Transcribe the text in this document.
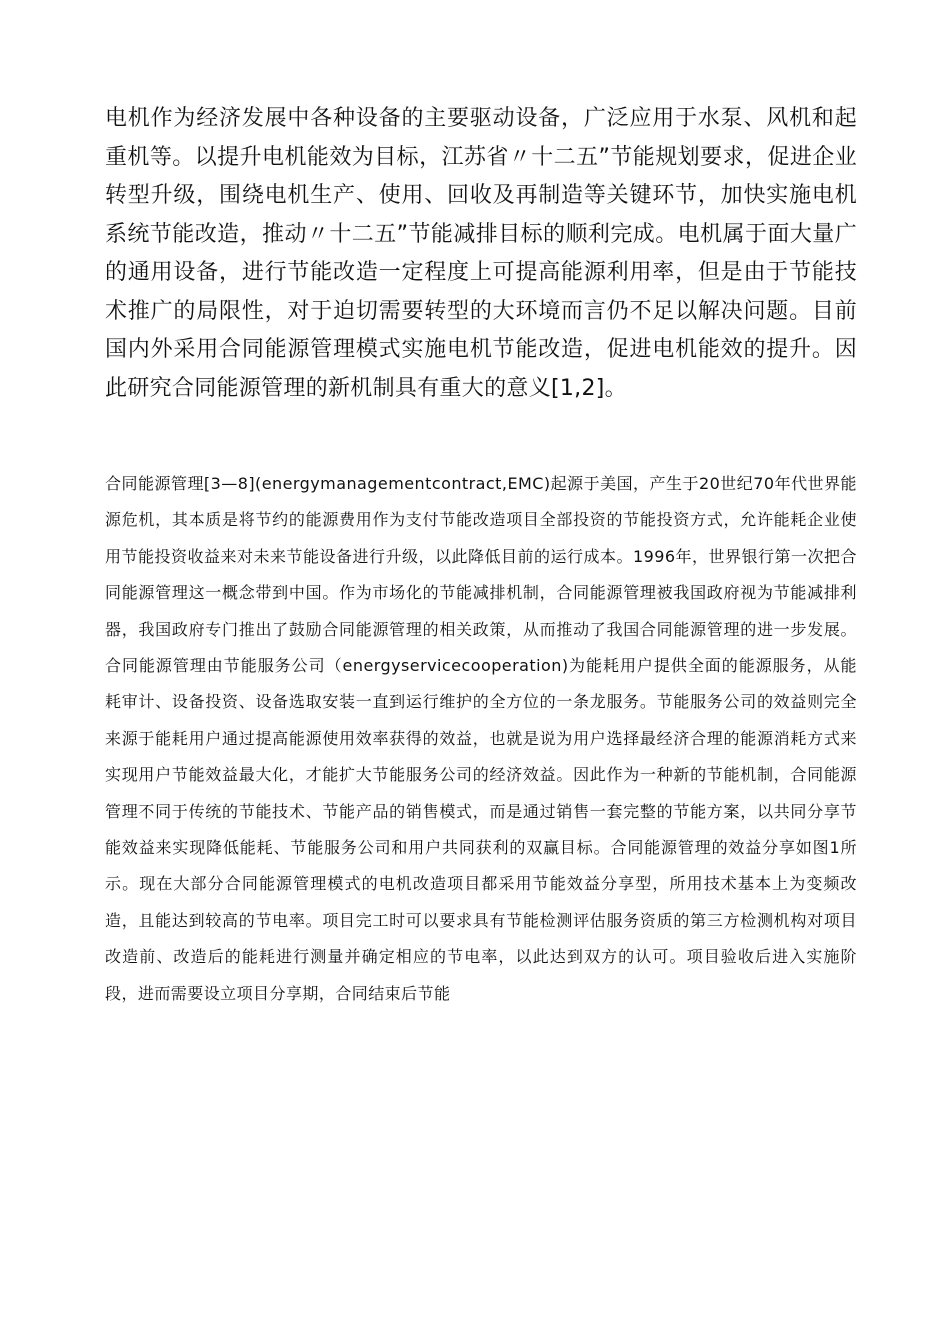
电机作为经济发展中各种设备的主要驱动设备，广泛应用于水泵、风机和起重机等。以提升电机能效为目标，江苏省〃十二五”节能规划要求，促进企业转型升级，围绕电机生产、使用、回收及再制造等关键环节，加快实施电机系统节能改造，推动〃十二五”节能减排目标的顺利完成。电机属于面大量广的通用设备，进行节能改造一定程度上可提高能源利用率，但是由于节能技术推广的局限性，对于迫切需要转型的大环境而言仍不足以解决问题。目前国内外采用合同能源管理模式实施电机节能改造，促进电机能效的提升。因此研究合同能源管理的新机制具有重大的意义[1,2]。

合同能源管理[3—8](energymanagementcontract,EMC)起源于美国，产生于20世纪70年代世界能源危机，其本质是将节约的能源费用作为支付节能改造项目全部投资的节能投资方式，允许能耗企业使用节能投资收益来对未来节能设备进行升级，以此降低目前的运行成本。1996年，世界银行第一次把合同能源管理这一概念带到中国。作为市场化的节能减排机制，合同能源管理被我国政府视为节能减排利器，我国政府专门推出了鼓励合同能源管理的相关政策，从而推动了我国合同能源管理的进一步发展。合同能源管理由节能服务公司（energyservicecooperation)为能耗用户提供全面的能源服务，从能耗审计、设备投资、设备选取安装一直到运行维护的全方位的一条龙服务。节能服务公司的效益则完全来源于能耗用户通过提高能源使用效率获得的效益，也就是说为用户选择最经济合理的能源消耗方式来实现用户节能效益最大化，才能扩大节能服务公司的经济效益。因此作为一种新的节能机制，合同能源管理不同于传统的节能技术、节能产品的销售模式，而是通过销售一套完整的节能方案，以共同分享节能效益来实现降低能耗、节能服务公司和用户共同获利的双赢目标。合同能源管理的效益分享如图1所示。现在大部分合同能源管理模式的电机改造项目都采用节能效益分享型，所用技术基本上为变频改造，且能达到较高的节电率。项目完工时可以要求具有节能检测评估服务资质的第三方检测机构对项目改造前、改造后的能耗进行测量并确定相应的节电率，以此达到双方的认可。项目验收后进入实施阶段，进而需要设立项目分享期，合同结束后节能
